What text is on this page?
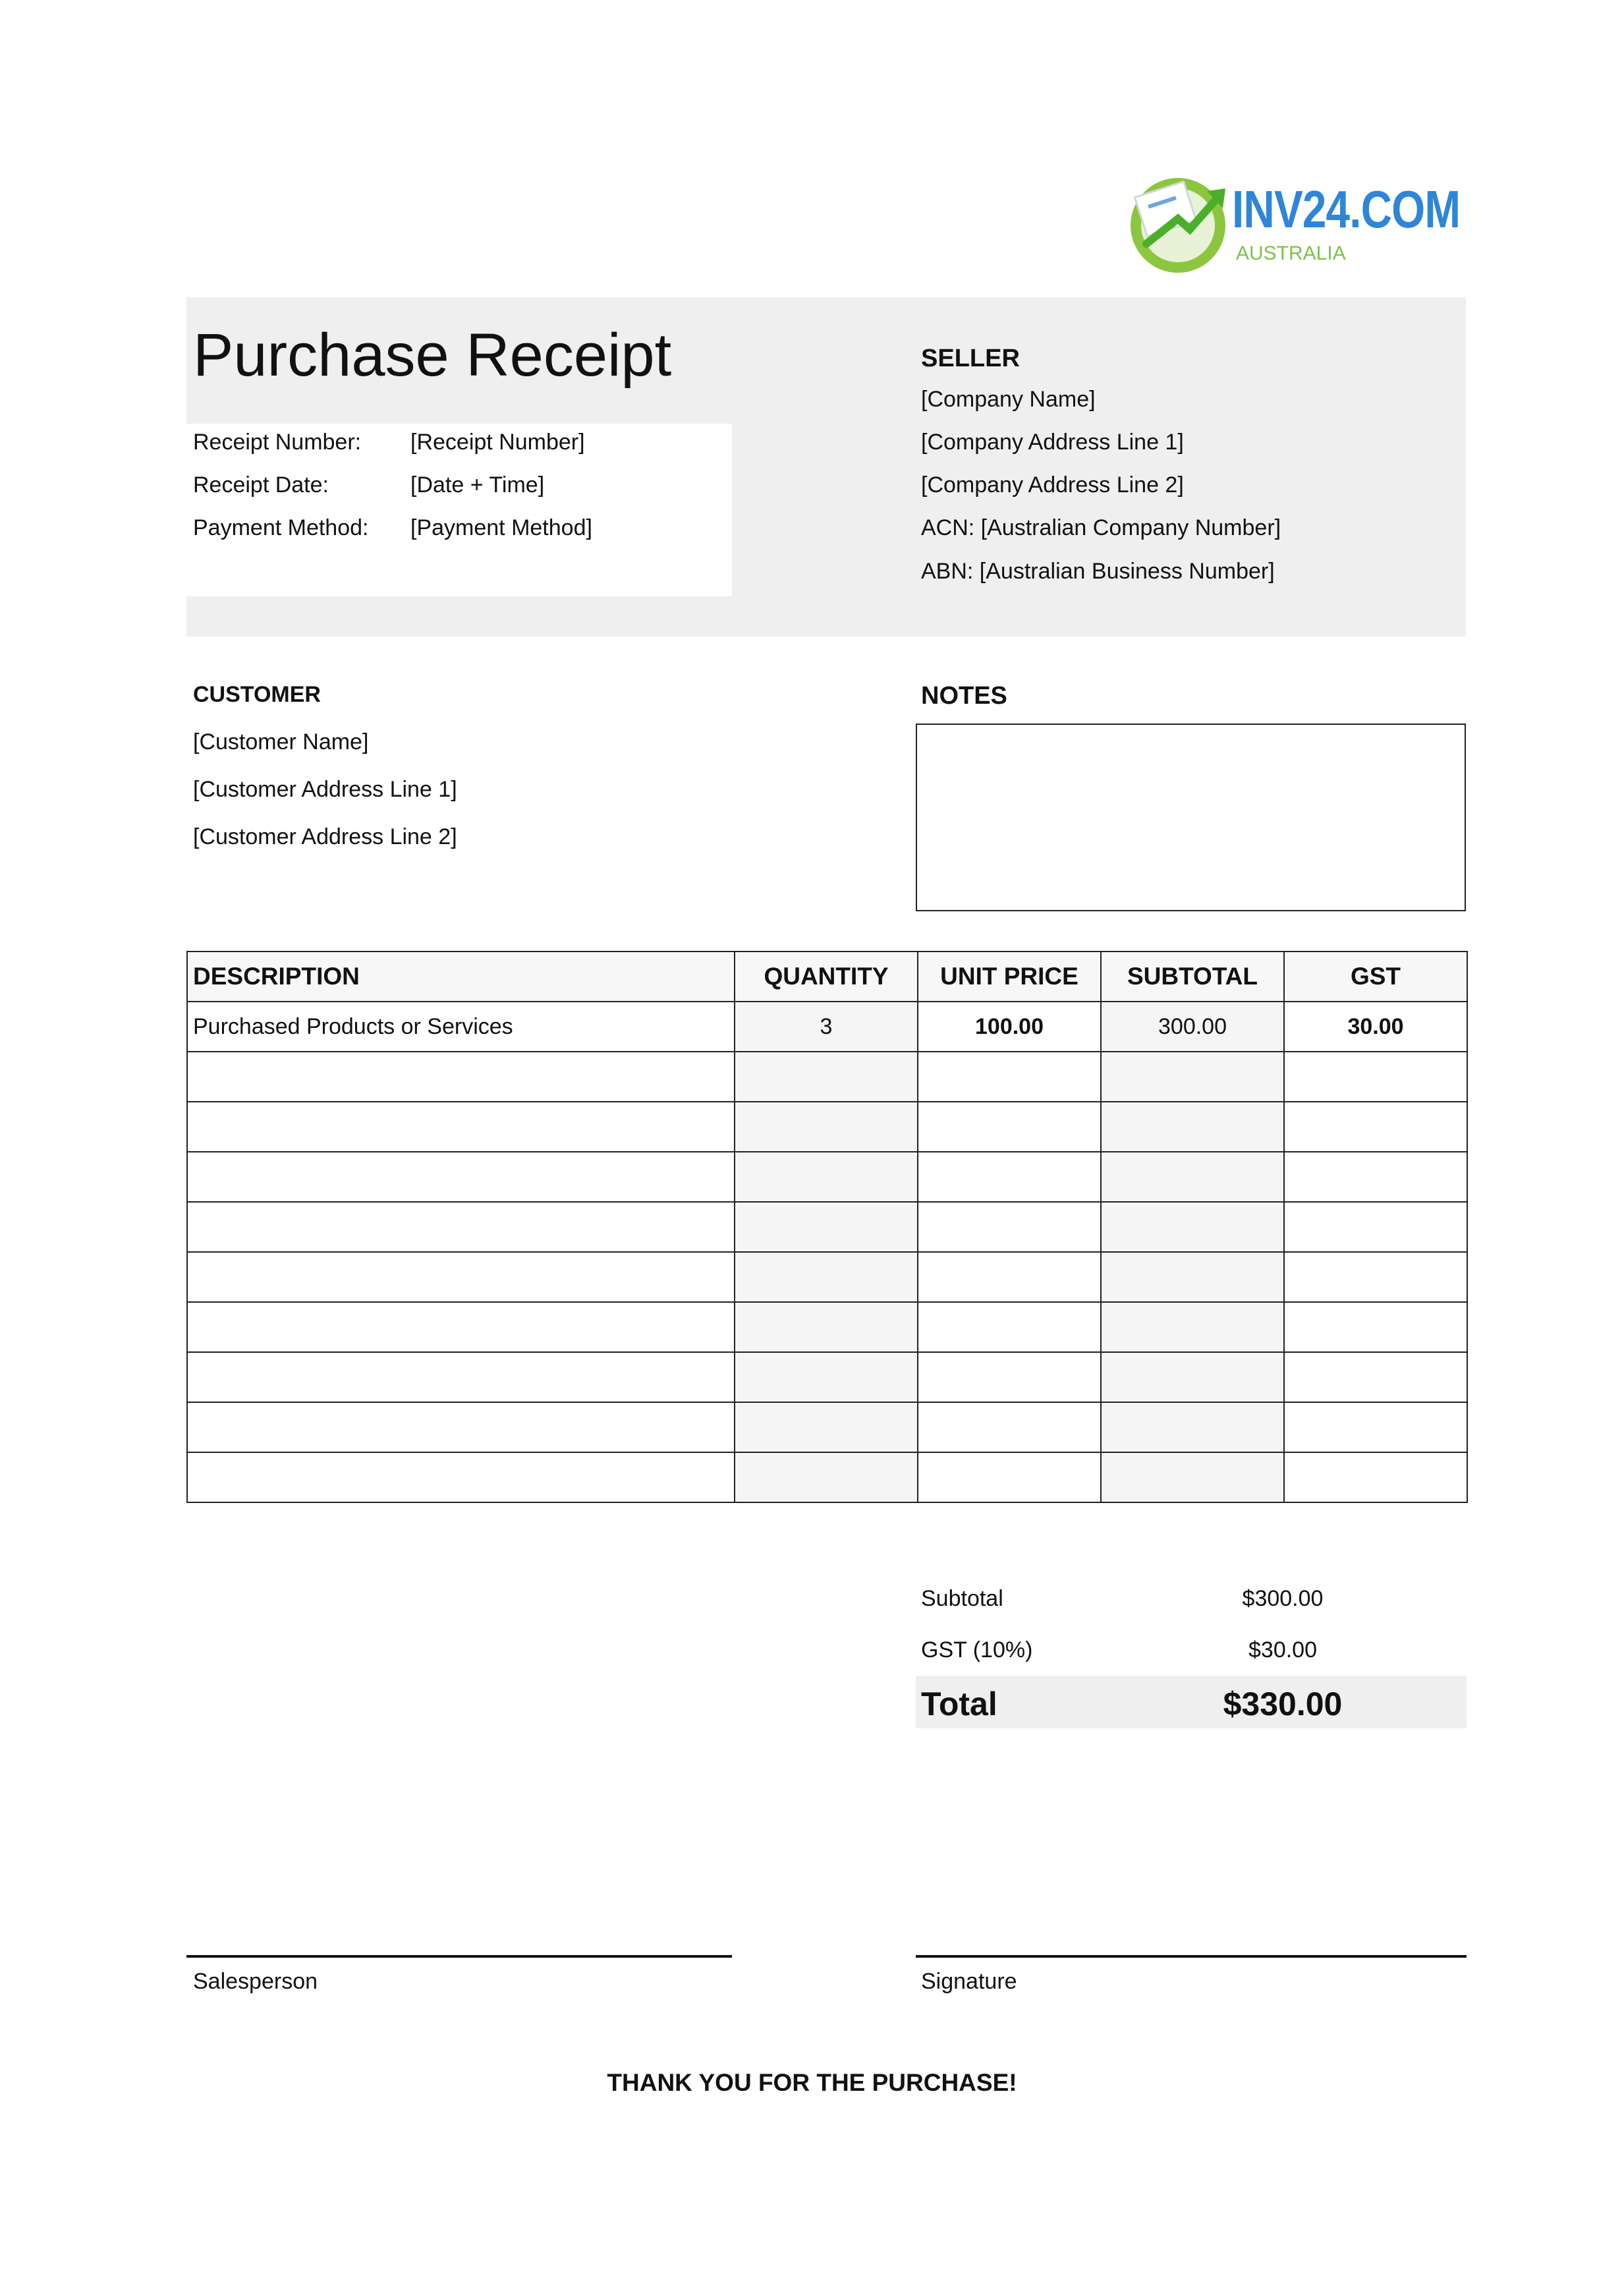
INV24.COM
AUSTRALIA
Purchase Receipt
Receipt Number: [Receipt Number]
Receipt Date:	[Date + Time]
Payment Method: [Payment Method]
SELLER
[Company Name]
[Company Address Line 1]
[Company Address Line 2]
ACN: [Australian Company Number]
ABN: [Australian Business Number]
CUSTOMER
[Customer Name]
[Customer Address Line 1]
[Customer Address Line 2]
NOTES
DESCRIPTION	QUANTITY	UNIT PRICE	SUBTOTAL	GST
Purchased Products or Services	3	100.00	300.00	30.00

Subtotal	$300.00
GST (10%)	$30.00
Total	$330.00
Salesperson	Signature
THANK YOU FOR THE PURCHASE!
